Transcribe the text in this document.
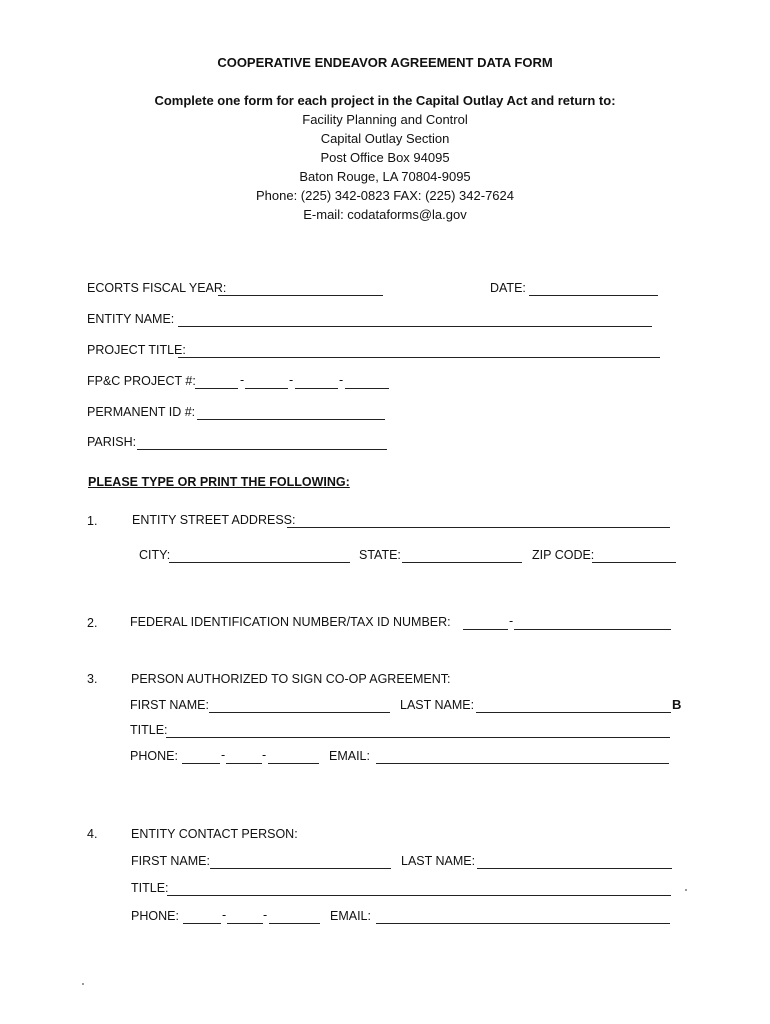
COOPERATIVE ENDEAVOR AGREEMENT DATA FORM
Complete one form for each project in the Capital Outlay Act and return to:
Facility Planning and Control
Capital Outlay Section
Post Office Box 94095
Baton Rouge, LA 70804-9095
Phone: (225) 342-0823 FAX: (225) 342-7624
E-mail: codataforms@la.gov
ECORTS FISCAL YEAR:	DATE:
ENTITY NAME:
PROJECT TITLE:
FP&C PROJECT #:	-	-	-
PERMANENT ID #:
PARISH:
PLEASE TYPE OR PRINT THE FOLLOWING:
1.	ENTITY STREET ADDRESS:
CITY:	STATE:	ZIP CODE:
2.	FEDERAL IDENTIFICATION NUMBER/TAX ID NUMBER:	-
3.	PERSON AUTHORIZED TO SIGN CO-OP AGREEMENT:
FIRST NAME:	LAST NAME:	B
TITLE:
PHONE:	-	-	EMAIL:
4.	ENTITY CONTACT PERSON:
FIRST NAME:	LAST NAME:
TITLE:
PHONE:	-	-	EMAIL:
